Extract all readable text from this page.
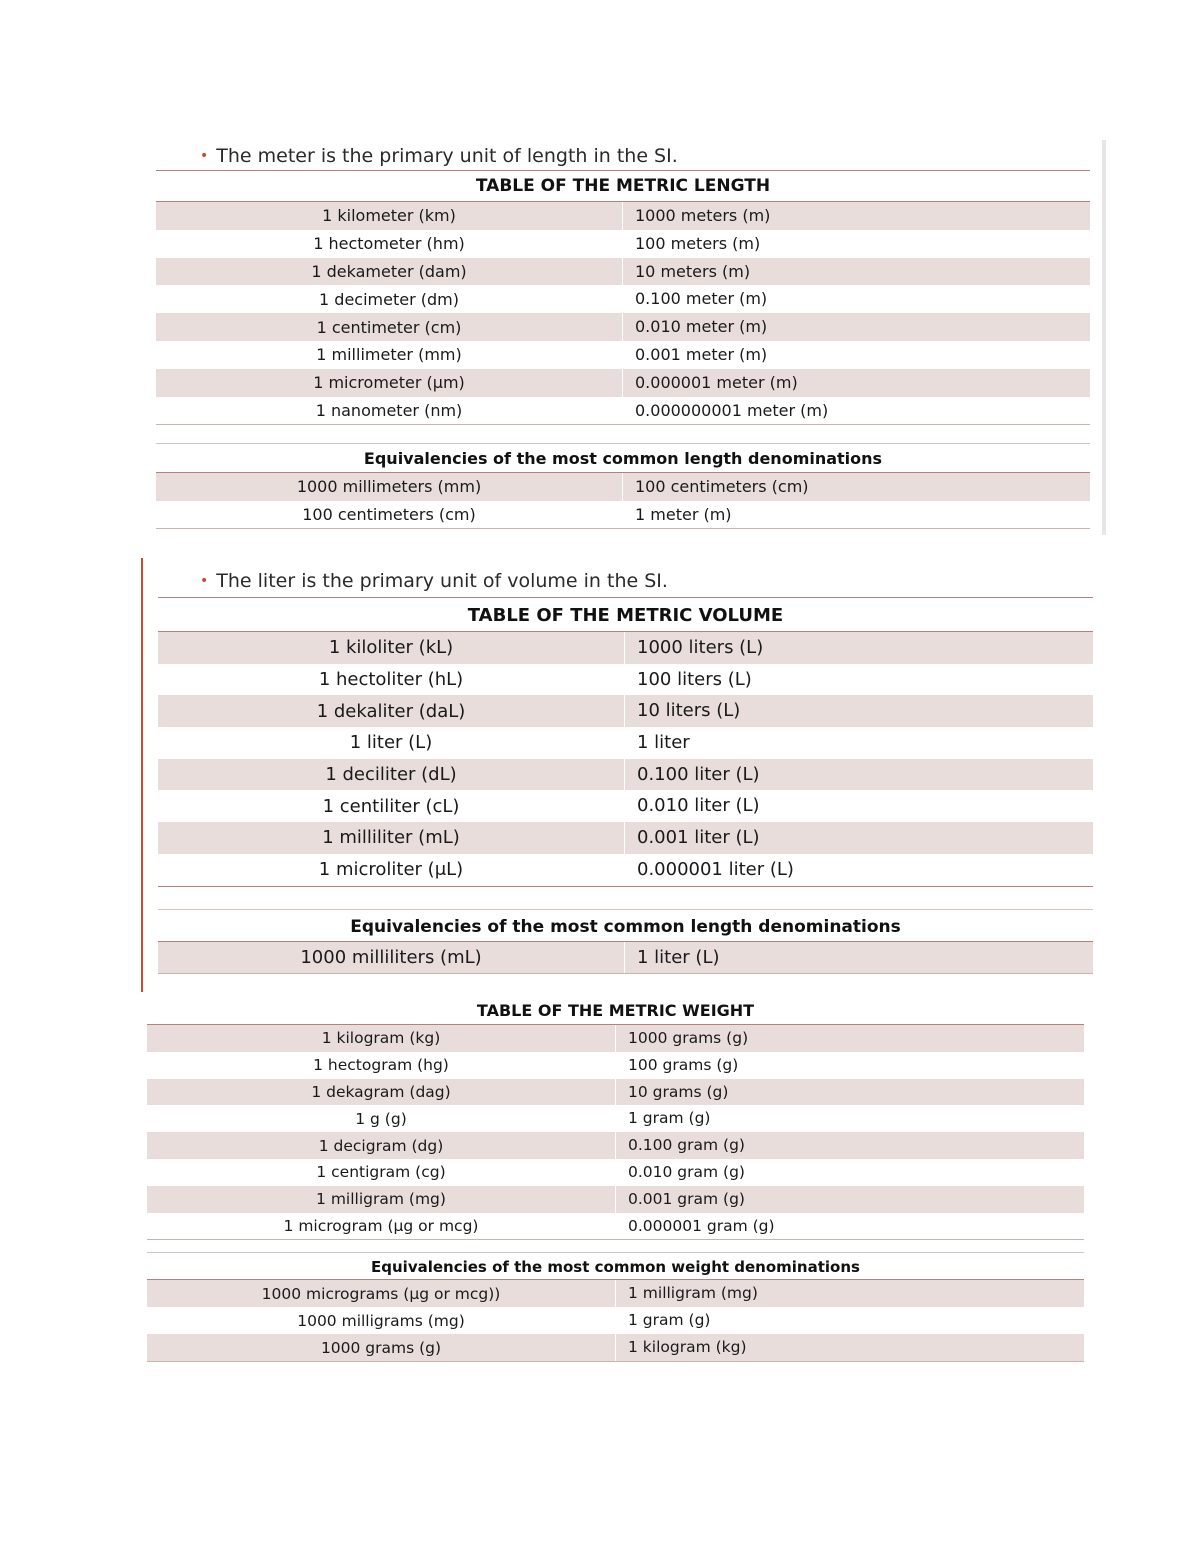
• The meter is the primary unit of length in the SI.
TABLE OF THE METRIC LENGTH
1 kilometer (km)	1000 meters (m)
1 hectometer (hm)	100 meters (m)
1 dekameter (dam)	10 meters (m)
1 decimeter (dm)	0.100 meter (m)
1 centimeter (cm)	0.010 meter (m)
1 millimeter (mm)	0.001 meter (m)
1 micrometer (μm)	0.000001 meter (m)
1 nanometer (nm)	0.000000001 meter (m)
Equivalencies of the most common length denominations
1000 millimeters (mm)	100 centimeters (cm)
100 centimeters (cm)	1 meter (m)
• The liter is the primary unit of volume in the SI.
TABLE OF THE METRIC VOLUME
1 kiloliter (kL)	1000 liters (L)
1 hectoliter (hL)	100 liters (L)
1 dekaliter (daL)	10 liters (L)
1 liter (L)	1 liter
1 deciliter (dL)	0.100 liter (L)
1 centiliter (cL)	0.010 liter (L)
1 milliliter (mL)	0.001 liter (L)
1 microliter (μL)	0.000001 liter (L)
Equivalencies of the most common length denominations
1000 milliliters (mL)	1 liter (L)
TABLE OF THE METRIC WEIGHT
1 kilogram (kg)	1000 grams (g)
1 hectogram (hg)	100 grams (g)
1 dekagram (dag)	10 grams (g)
1 g (g)	1 gram (g)
1 decigram (dg)	0.100 gram (g)
1 centigram (cg)	0.010 gram (g)
1 milligram (mg)	0.001 gram (g)
1 microgram (μg or mcg)	0.000001 gram (g)
Equivalencies of the most common weight denominations
1000 micrograms (μg or mcg))	1 milligram (mg)
1000 milligrams (mg)	1 gram (g)
1000 grams (g)	1 kilogram (kg)
